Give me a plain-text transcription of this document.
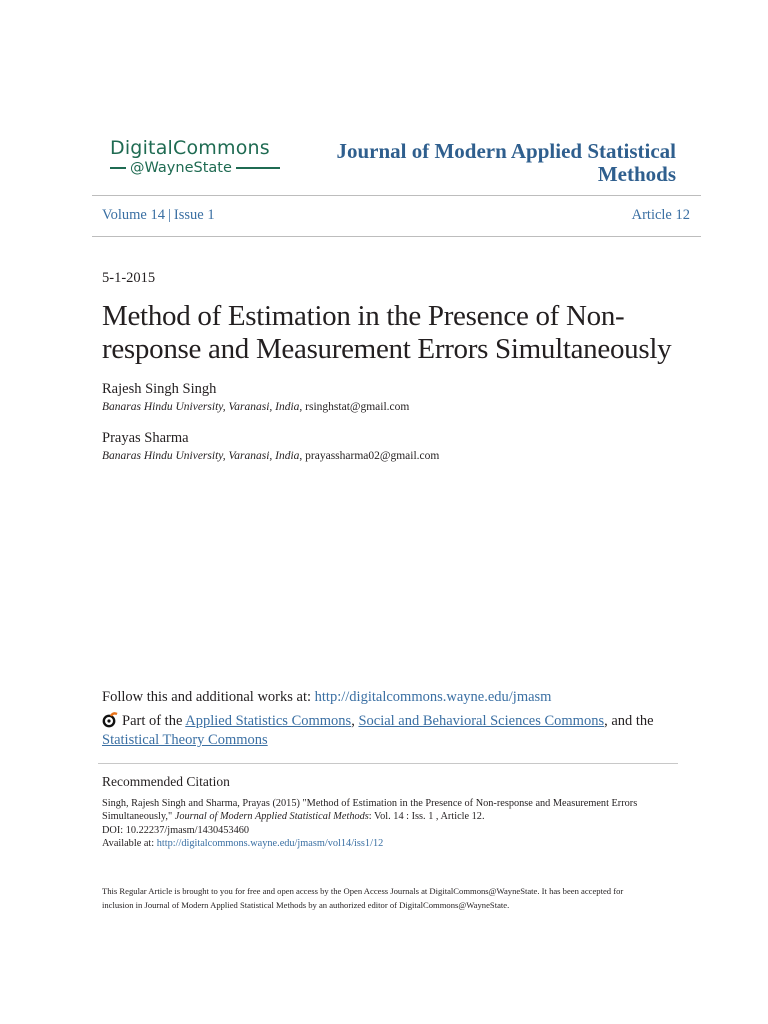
DigitalCommons
@WayneState
Journal of Modern Applied Statistical
Methods
Volume 14 | Issue 1	Article 12
5-1-2015
Method of Estimation in the Presence of Non-
response and Measurement Errors Simultaneously
Rajesh Singh Singh
Banaras Hindu University, Varanasi, India, rsinghstat@gmail.com
Prayas Sharma
Banaras Hindu University, Varanasi, India, prayassharma02@gmail.com
Follow this and additional works at: http://digitalcommons.wayne.edu/jmasm
Part of the Applied Statistics Commons, Social and Behavioral Sciences Commons, and the
Statistical Theory Commons
Recommended Citation
Singh, Rajesh Singh and Sharma, Prayas (2015) "Method of Estimation in the Presence of Non-response and Measurement Errors
Simultaneously," Journal of Modern Applied Statistical Methods: Vol. 14 : Iss. 1 , Article 12.
DOI: 10.22237/jmasm/1430453460
Available at: http://digitalcommons.wayne.edu/jmasm/vol14/iss1/12
This Regular Article is brought to you for free and open access by the Open Access Journals at DigitalCommons@WayneState. It has been accepted for
inclusion in Journal of Modern Applied Statistical Methods by an authorized editor of DigitalCommons@WayneState.
